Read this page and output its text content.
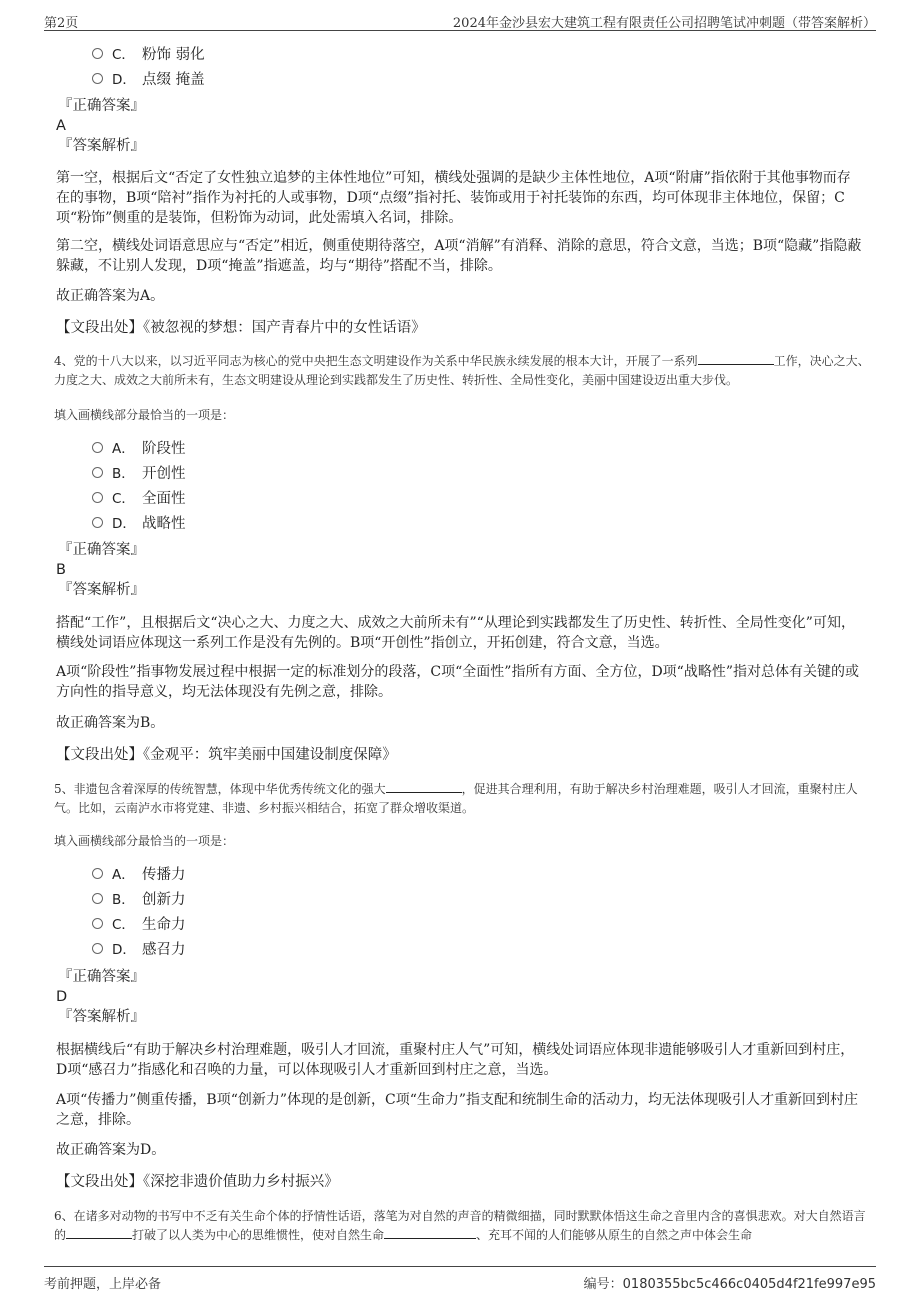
第2页	2024年金沙县宏大建筑工程有限责任公司招聘笔试冲刺题（带答案解析）
C． 粉饰 弱化
D． 点缀 掩盖
『正确答案』
A
『答案解析』
第一空，根据后文“否定了女性独立追梦的主体性地位”可知，横线处强调的是缺少主体性地位，A项“附庸”指依附于其他事物而存在的事物，B项“陪衬”指作为衬托的人或事物，D项“点缀”指衬托、装饰或用于衬托装饰的东西，均可体现非主体地位，保留；C项“粉饰”侧重的是装饰，但粉饰为动词，此处需填入名词，排除。
第二空，横线处词语意思应与“否定”相近，侧重使期待落空，A项“消解”有消释、消除的意思，符合文意，当选；B项“隐藏”指隐蔽躲藏，不让别人发现，D项“掩盖”指遮盖，均与“期待”搭配不当，排除。
故正确答案为A。
【文段出处】《被忽视的梦想：国产青春片中的女性话语》
4、党的十八大以来，以习近平同志为核心的党中央把生态文明建设作为关系中华民族永续发展的根本大计，开展了一系列	工作，决心之大、力度之大、成效之大前所未有，生态文明建设从理论到实践都发生了历史性、转折性、全局性变化，美丽中国建设迈出重大步伐。
填入画横线部分最恰当的一项是：
A． 阶段性
B． 开创性
C． 全面性
D． 战略性
『正确答案』
B
『答案解析』
搭配“工作”，且根据后文“决心之大、力度之大、成效之大前所未有”“从理论到实践都发生了历史性、转折性、全局性变化”可知，横线处词语应体现这一系列工作是没有先例的。B项“开创性”指创立，开拓创建，符合文意，当选。
A项“阶段性”指事物发展过程中根据一定的标准划分的段落，C项“全面性”指所有方面、全方位，D项“战略性”指对总体有关键的或方向性的指导意义，均无法体现没有先例之意，排除。
故正确答案为B。
【文段出处】《金观平：筑牢美丽中国建设制度保障》
5、非遗包含着深厚的传统智慧，体现中华优秀传统文化的强大	，促进其合理利用，有助于解决乡村治理难题，吸引人才回流，重聚村庄人气。比如，云南泸水市将党建、非遗、乡村振兴相结合，拓宽了群众增收渠道。
填入画横线部分最恰当的一项是：
A． 传播力
B． 创新力
C． 生命力
D． 感召力
『正确答案』
D
『答案解析』
根据横线后“有助于解决乡村治理难题，吸引人才回流，重聚村庄人气”可知，横线处词语应体现非遗能够吸引人才重新回到村庄，D项“感召力”指感化和召唤的力量，可以体现吸引人才重新回到村庄之意，当选。
A项“传播力”侧重传播，B项“创新力”体现的是创新，C项“生命力”指支配和统制生命的活动力，均无法体现吸引人才重新回到村庄之意，排除。
故正确答案为D。
【文段出处】《深挖非遗价值助力乡村振兴》
6、在诸多对动物的书写中不乏有关生命个体的抒情性话语，落笔为对自然的声音的精微细描，同时默默体悟这生命之音里内含的喜惧悲欢。对大自然语言的	打破了以人类为中心的思维惯性，使对自然生命	、充耳不闻的人们能够从原生的自然之声中体会生命
考前押题，上岸必备	编号：0180355bc5c466c0405d4f21fe997e95
